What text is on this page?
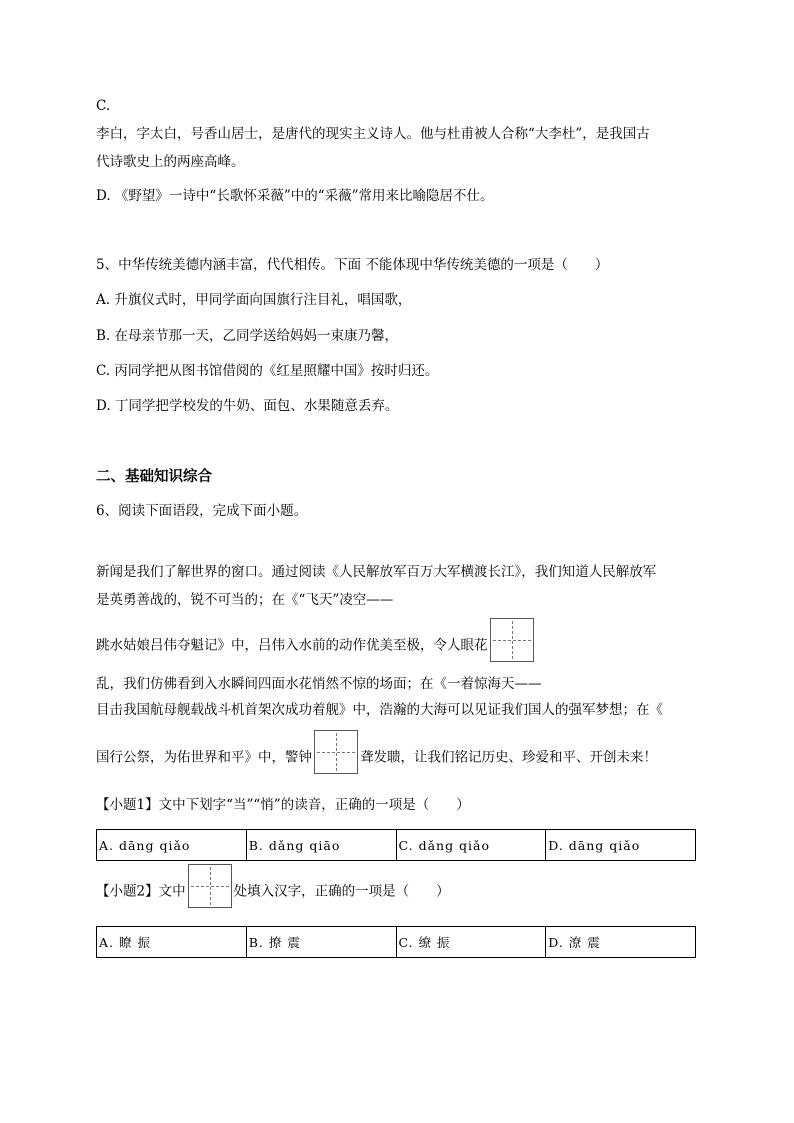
C.
李白，字太白，号香山居士，是唐代的现实主义诗人。他与杜甫被人合称“大李杜”，是我国古
代诗歌史上的两座高峰。
D. 《野望》一诗中“长歌怀采薇”中的“采薇”常用来比喻隐居不仕。
5、中华传统美德内涵丰富，代代相传。下面 不能体现中华传统美德的一项是（　　）
A. 升旗仪式时，甲同学面向国旗行注目礼，唱国歌，
B. 在母亲节那一天，乙同学送给妈妈一束康乃馨，
C. 丙同学把从图书馆借阅的《红星照耀中国》按时归还。
D. 丁同学把学校发的牛奶、面包、水果随意丢弃。
二、基础知识综合
6、阅读下面语段，完成下面小题。
新闻是我们了解世界的窗口。通过阅读《人民解放军百万大军横渡长江》，我们知道人民解放军
是英勇善战的，锐不可当的；在《“飞天”凌空——
跳水姑娘吕伟夺魁记》中，吕伟入水前的动作优美至极，令人眼花
乱，我们仿佛看到入水瞬间四面水花悄然不惊的场面；在《一着惊海天——
目击我国航母舰载战斗机首架次成功着舰》中，浩瀚的大海可以见证我们国人的强军梦想；在《
国行公祭，为佑世界和平》中，警钟	聋发聩，让我们铭记历史、珍爱和平、开创未来！
【小题1】文中下划字“当”“悄”的读音，正确的一项是（　　）
A. dāng qiǎo	B. dǎng qiāo	C. dǎng qiǎo	D. dāng qiǎo
【小题2】文中	处填入汉字，正确的一项是（　　）
A. 瞭 振	B. 撩 震	C. 缭 振	D. 潦 震
